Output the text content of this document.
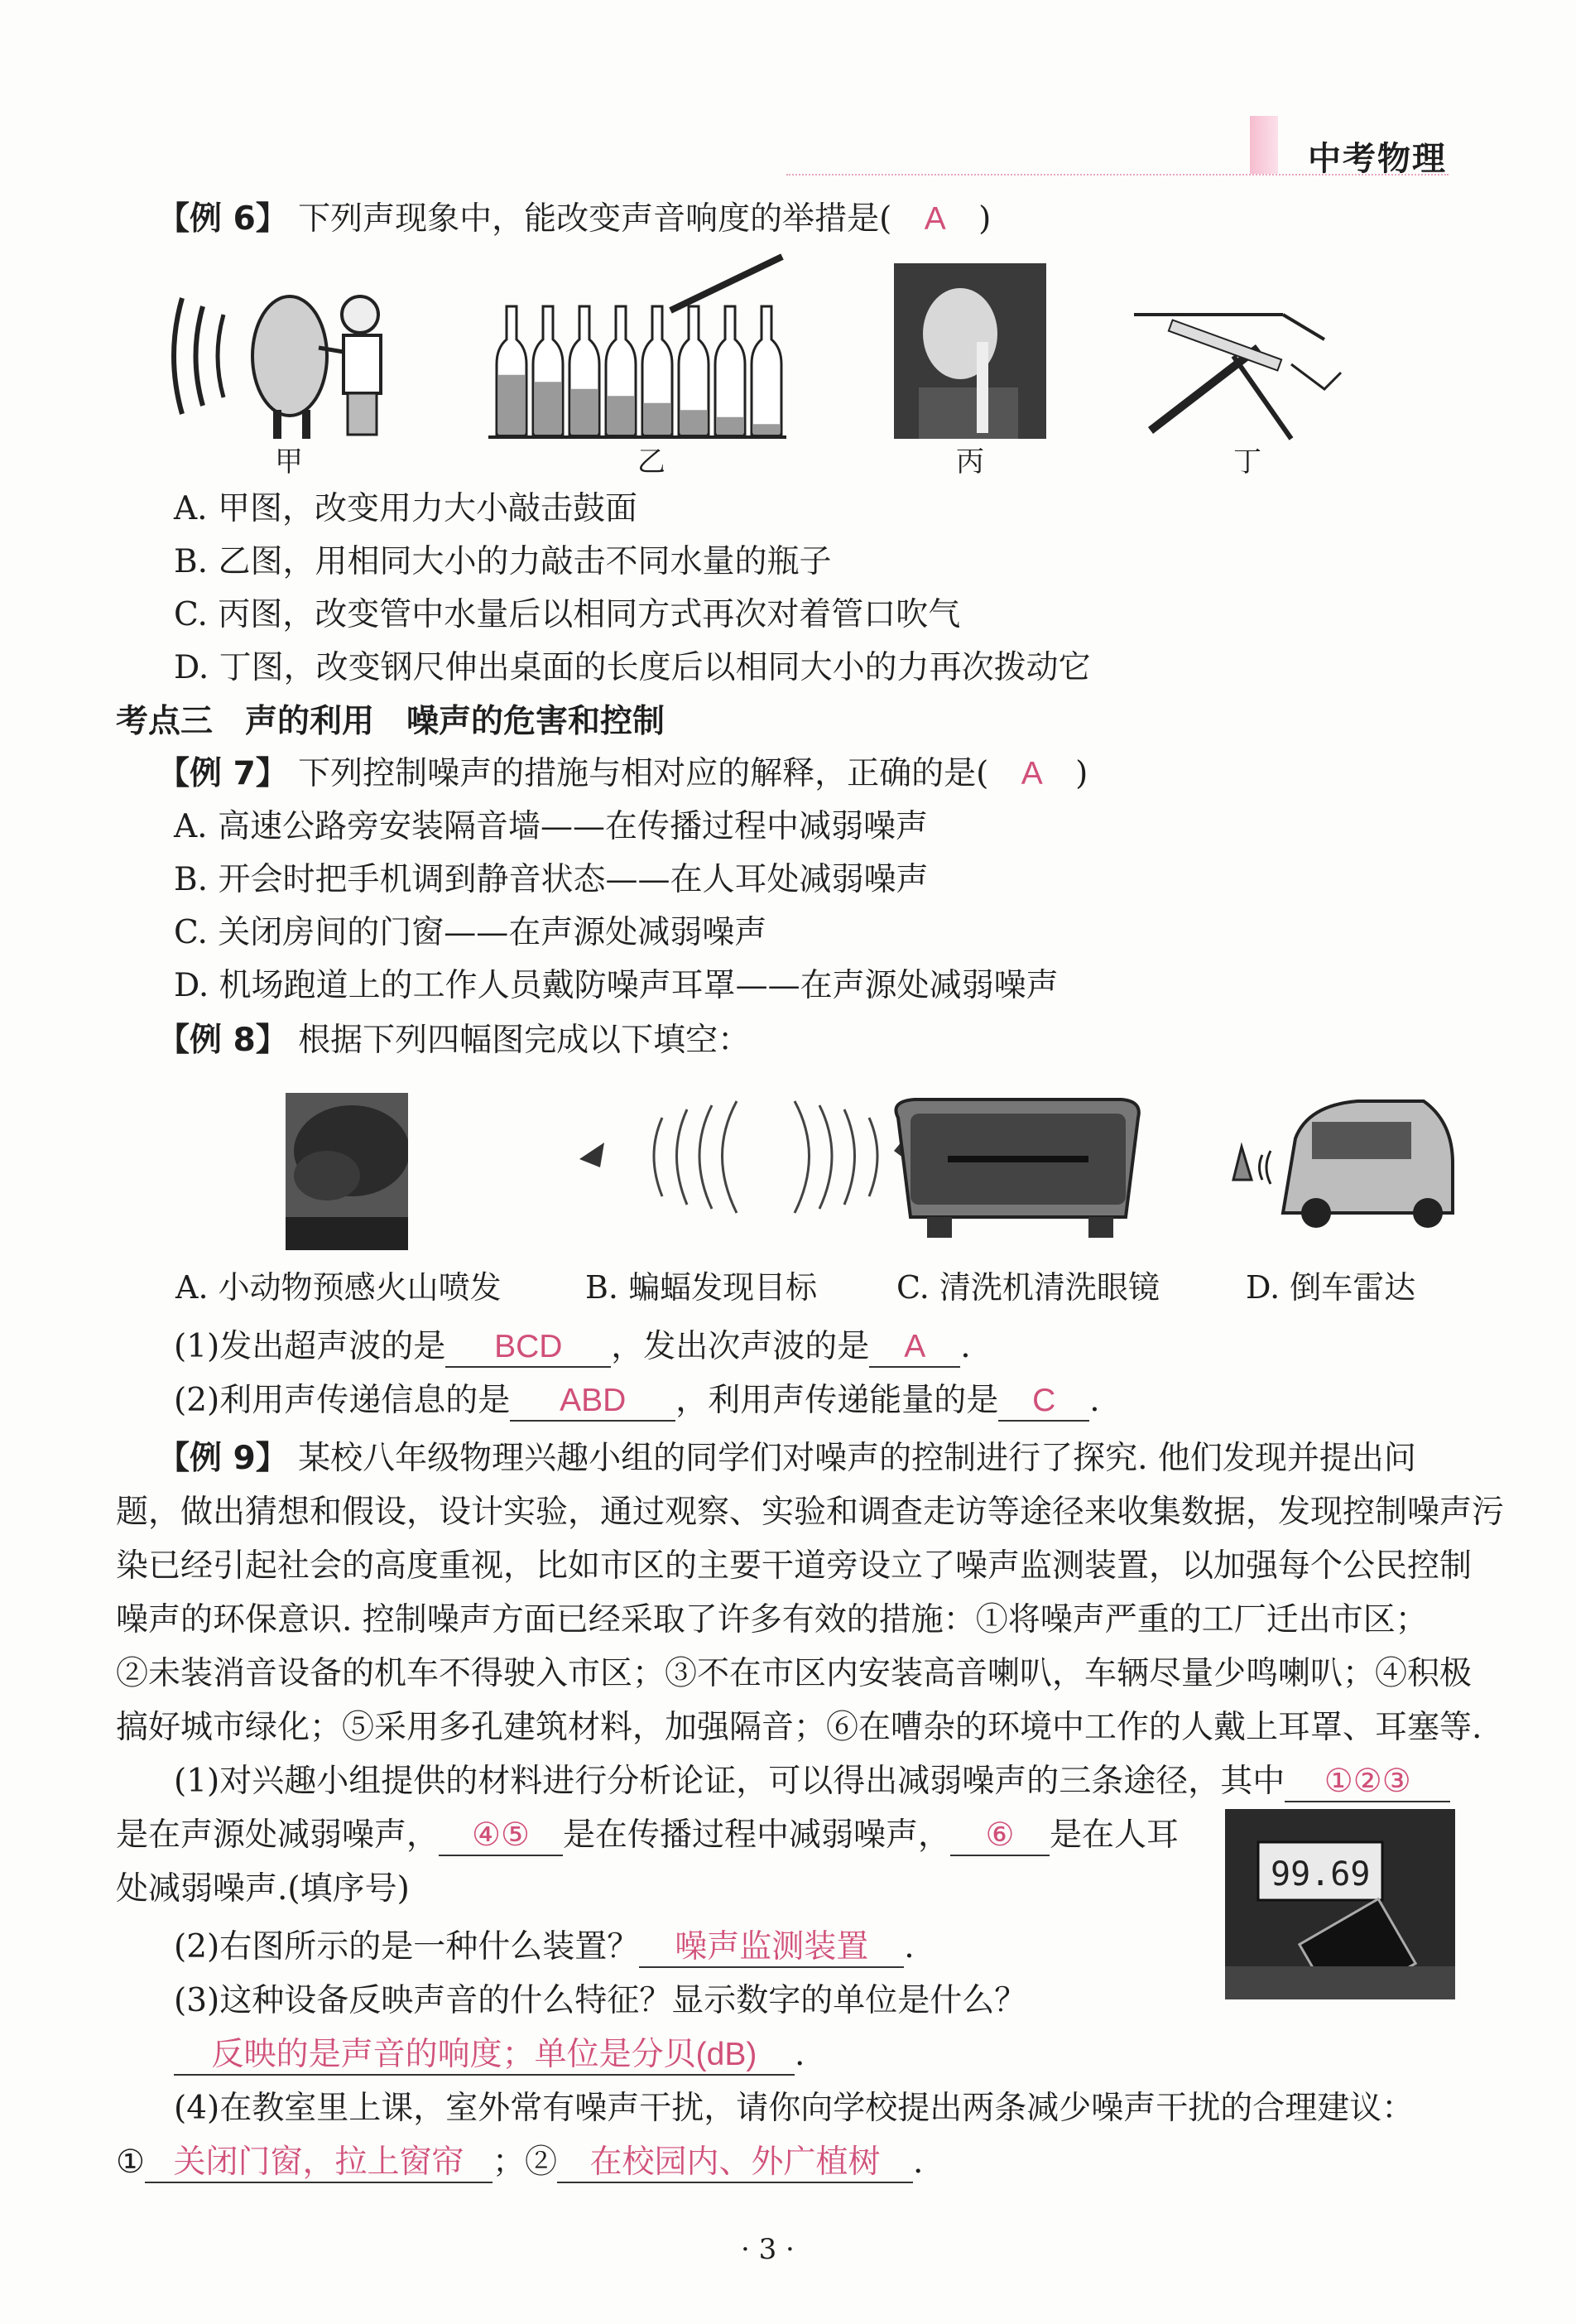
中考物理
【例 6】 下列声现象中，能改变声音响度的举措是( A )
甲	乙	丙	丁
A. 甲图，改变用力大小敲击鼓面
B. 乙图，用相同大小的力敲击不同水量的瓶子
C. 丙图，改变管中水量后以相同方式再次对着管口吹气
D. 丁图，改变钢尺伸出桌面的长度后以相同大小的力再次拨动它
考点三　声的利用　噪声的危害和控制
【例 7】 下列控制噪声的措施与相对应的解释，正确的是( A )
A. 高速公路旁安装隔音墙——在传播过程中减弱噪声
B. 开会时把手机调到静音状态——在人耳处减弱噪声
C. 关闭房间的门窗——在声源处减弱噪声
D. 机场跑道上的工作人员戴防噪声耳罩——在声源处减弱噪声
【例 8】 根据下列四幅图完成以下填空：
A. 小动物预感火山喷发	B. 蝙蝠发现目标	C. 清洗机清洗眼镜	D. 倒车雷达
(1)发出超声波的是 BCD ，发出次声波的是 A .
(2)利用声传递信息的是 ABD ，利用声传递能量的是 C .
【例 9】 某校八年级物理兴趣小组的同学们对噪声的控制进行了探究. 他们发现并提出问
题，做出猜想和假设，设计实验，通过观察、实验和调查走访等途径来收集数据，发现控制噪声污
染已经引起社会的高度重视，比如市区的主要干道旁设立了噪声监测装置，以加强每个公民控制
噪声的环保意识. 控制噪声方面已经采取了许多有效的措施：①将噪声严重的工厂迁出市区；
②未装消音设备的机车不得驶入市区；③不在市区内安装高音喇叭，车辆尽量少鸣喇叭；④积极
搞好城市绿化；⑤采用多孔建筑材料，加强隔音；⑥在嘈杂的环境中工作的人戴上耳罩、耳塞等.
(1)对兴趣小组提供的材料进行分析论证，可以得出减弱噪声的三条途径，其中 ①②③
是在声源处减弱噪声， ④⑤ 是在传播过程中减弱噪声， ⑥ 是在人耳
处减弱噪声.(填序号)	99.69
(2)右图所示的是一种什么装置？ 噪声监测装置 .
(3)这种设备反映声音的什么特征？显示数字的单位是什么？
反映的是声音的响度；单位是分贝(dB) .
(4)在教室里上课，室外常有噪声干扰，请你向学校提出两条减少噪声干扰的合理建议：
① 关闭门窗，拉上窗帘 ；② 在校园内、外广植树 .
· 3 ·
